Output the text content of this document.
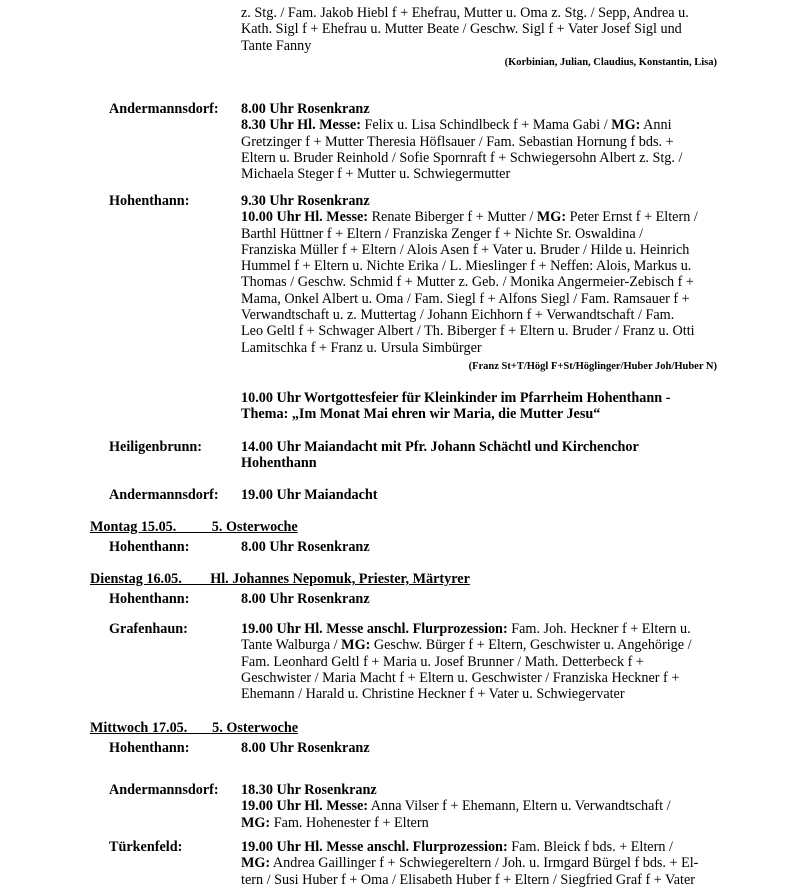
z. Stg. / Fam. Jakob Hiebl f + Ehefrau, Mutter u. Oma z. Stg. / Sepp, Andrea u.
Kath. Sigl f + Ehefrau u. Mutter Beate / Geschw. Sigl f + Vater Josef Sigl und
Tante Fanny
(Korbinian, Julian, Claudius, Konstantin, Lisa)
Andermannsdorf: 8.00 Uhr Rosenkranz
8.30 Uhr Hl. Messe: Felix u. Lisa Schindlbeck f + Mama Gabi / MG: Anni
Gretzinger f + Mutter Theresia Höflsauer / Fam. Sebastian Hornung f bds. +
Eltern u. Bruder Reinhold / Sofie Spornraft f + Schwiegersohn Albert z. Stg. /
Michaela Steger f + Mutter u. Schwiegermutter
Hohenthann:	9.30 Uhr Rosenkranz
10.00 Uhr Hl. Messe: Renate Biberger f + Mutter / MG: Peter Ernst f + Eltern /
Barthl Hüttner f + Eltern / Franziska Zenger f + Nichte Sr. Oswaldina /
Franziska Müller f + Eltern / Alois Asen f + Vater u. Bruder / Hilde u. Heinrich
Hummel f + Eltern u. Nichte Erika / L. Mieslinger f + Neffen: Alois, Markus u.
Thomas / Geschw. Schmid f + Mutter z. Geb. / Monika Angermeier-Zebisch f +
Mama, Onkel Albert u. Oma / Fam. Siegl f + Alfons Siegl / Fam. Ramsauer f +
Verwandtschaft u. z. Muttertag / Johann Eichhorn f + Verwandtschaft / Fam.
Leo Geltl f + Schwager Albert / Th. Biberger f + Eltern u. Bruder / Franz u. Otti
Lamitschka f + Franz u. Ursula Simbürger
(Franz St+T/Högl F+St/Höglinger/Huber Joh/Huber N)
10.00 Uhr Wortgottesfeier für Kleinkinder im Pfarrheim Hohenthann -
Thema: „Im Monat Mai ehren wir Maria, die Mutter Jesu“
Heiligenbrunn:	14.00 Uhr Maiandacht mit Pfr. Johann Schächtl und Kirchenchor
Hohenthann
Andermannsdorf: 19.00 Uhr Maiandacht
Montag 15.05.          5. Osterwoche
Hohenthann:	8.00 Uhr Rosenkranz
Dienstag 16.05.        Hl. Johannes Nepomuk, Priester, Märtyrer
Hohenthann:	8.00 Uhr Rosenkranz
Grafenhaun:	19.00 Uhr Hl. Messe anschl. Flurprozession: Fam. Joh. Heckner f + Eltern u.
Tante Walburga / MG: Geschw. Bürger f + Eltern, Geschwister u. Angehörige /
Fam. Leonhard Geltl f + Maria u. Josef Brunner / Math. Detterbeck f +
Geschwister / Maria Macht f + Eltern u. Geschwister / Franziska Heckner f +
Ehemann / Harald u. Christine Heckner f + Vater u. Schwiegervater
Mittwoch 17.05.       5. Osterwoche
Hohenthann:	8.00 Uhr Rosenkranz
Andermannsdorf: 18.30 Uhr Rosenkranz
19.00 Uhr Hl. Messe: Anna Vilser f + Ehemann, Eltern u. Verwandtschaft /
MG: Fam. Hohenester f + Eltern
Türkenfeld:	19.00 Uhr Hl. Messe anschl. Flurprozession: Fam. Bleick f bds. + Eltern /
MG: Andrea Gaillinger f + Schwiegereltern / Joh. u. Irmgard Bürgel f bds. + El-
tern / Susi Huber f + Oma / Elisabeth Huber f + Eltern / Siegfried Graf f + Vater
